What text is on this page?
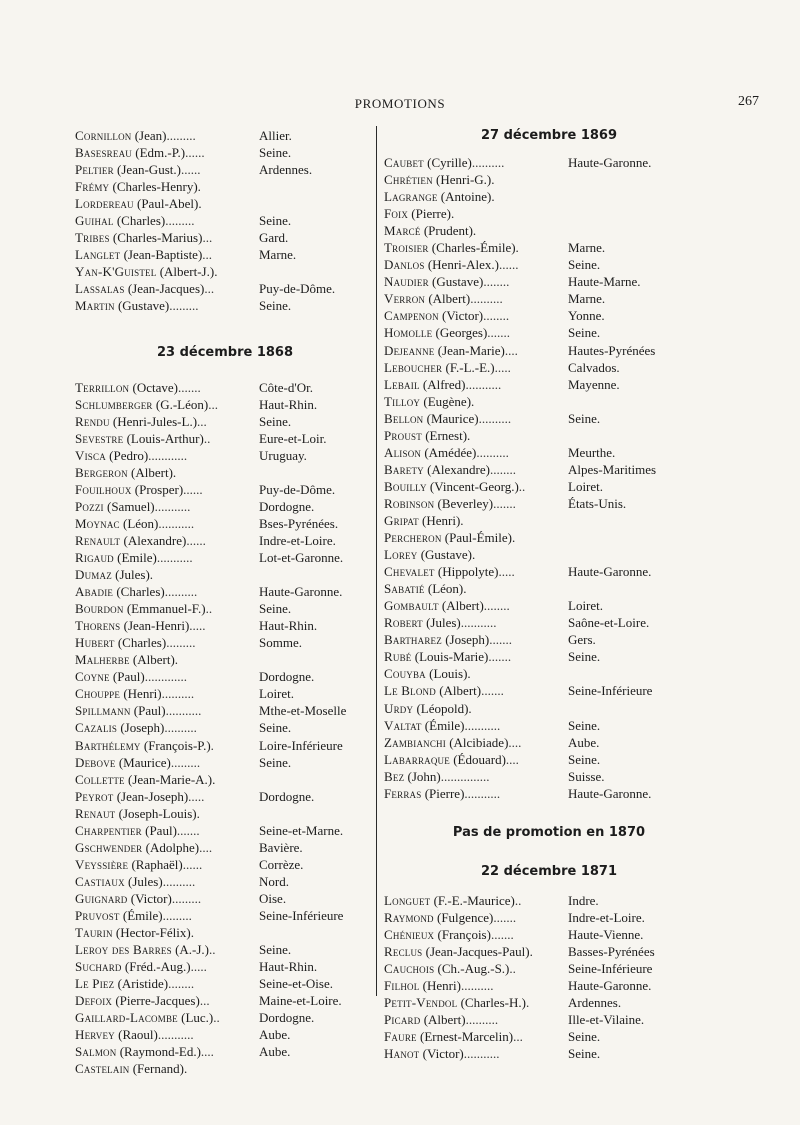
PROMOTIONS	267
Cornillon (Jean).........	Allier.
Basesreau (Edm.-P.)......	Seine.
Peltier (Jean-Gust.)......	Ardennes.
Frémy (Charles-Henry).
Lordereau (Paul-Abel).
Guihal (Charles).........	Seine.
Tribes (Charles-Marius)...	Gard.
Langlet (Jean-Baptiste)...	Marne.
Yan-K'Guistel (Albert-J.).
Lassalas (Jean-Jacques)...	Puy-de-Dôme.
Martin (Gustave).........	Seine.
23 décembre 1868
Terrillon (Octave).......	Côte-d'Or.
Schlumberger (G.-Léon)...	Haut-Rhin.
Rendu (Henri-Jules-L.)...	Seine.
Sevestre (Louis-Arthur)..	Eure-et-Loir.
Visca (Pedro)............	Uruguay.
Bergeron (Albert).
Fouilhoux (Prosper)......	Puy-de-Dôme.
Pozzi (Samuel)...........	Dordogne.
Moynac (Léon)...........	Bses-Pyrénées.
Renault (Alexandre)......	Indre-et-Loire.
Rigaud (Emile)...........	Lot-et-Garonne.
Dumaz (Jules).
Abadie (Charles)..........	Haute-Garonne.
Bourdon (Emmanuel-F.)..	Seine.
Thorens (Jean-Henri).....	Haut-Rhin.
Hubert (Charles).........	Somme.
Malherbe (Albert).
Coyne (Paul).............	Dordogne.
Chouppe (Henri)..........	Loiret.
Spillmann (Paul)...........	Mthe-et-Moselle
Cazalis (Joseph)..........	Seine.
Barthélemy (François-P.).	Loire-Inférieure
Debove (Maurice).........	Seine.
Collette (Jean-Marie-A.).
Peyrot (Jean-Joseph).....	Dordogne.
Renaut (Joseph-Louis).
Charpentier (Paul).......	Seine-et-Marne.
Gschwender (Adolphe)....	Bavière.
Veyssière (Raphaël)......	Corrèze.
Castiaux (Jules)..........	Nord.
Guignard (Victor).........	Oise.
Pruvost (Émile).........	Seine-Inférieure
Taurin (Hector-Félix).
Leroy des Barres (A.-J.)..	Seine.
Suchard (Fréd.-Aug.).....	Haut-Rhin.
Le Piez (Aristide)........	Seine-et-Oise.
Defoix (Pierre-Jacques)...	Maine-et-Loire.
Gaillard-Lacombe (Luc.)..	Dordogne.
Hervey (Raoul)...........	Aube.
Salmon (Raymond-Ed.)....	Aube.
Castelain (Fernand).
27 décembre 1869
Caubet (Cyrille)..........	Haute-Garonne.
Chrétien (Henri-G.).
Lagrange (Antoine).
Foix (Pierre).
Marcé (Prudent).
Troisier (Charles-Émile).	Marne.
Danlos (Henri-Alex.)......	Seine.
Naudier (Gustave)........	Haute-Marne.
Verron (Albert)..........	Marne.
Campenon (Victor)........	Yonne.
Homolle (Georges).......	Seine.
Dejeanne (Jean-Marie)....	Hautes-Pyrénées
Leboucher (F.-L.-E.).....	Calvados.
Lebail (Alfred)...........	Mayenne.
Tilloy (Eugène).
Bellon (Maurice)..........	Seine.
Proust (Ernest).
Alison (Amédée)..........	Meurthe.
Barety (Alexandre)........	Alpes-Maritimes
Bouilly (Vincent-Georg.)..	Loiret.
Robinson (Beverley).......	États-Unis.
Gripat (Henri).
Percheron (Paul-Émile).
Lorey (Gustave).
Chevalet (Hippolyte).....	Haute-Garonne.
Sabatié (Léon).
Gombault (Albert)........	Loiret.
Robert (Jules)...........	Saône-et-Loire.
Bartharez (Joseph).......	Gers.
Rubé (Louis-Marie).......	Seine.
Couyba (Louis).
Le Blond (Albert).......	Seine-Inférieure
Urdy (Léopold).
Valtat (Émile)...........	Seine.
Zambianchi (Alcibiade)....	Aube.
Labarraque (Édouard)....	Seine.
Bez (John)...............	Suisse.
Ferras (Pierre)...........	Haute-Garonne.
Pas de promotion en 1870
22 décembre 1871
Longuet (F.-E.-Maurice)..	Indre.
Raymond (Fulgence).......	Indre-et-Loire.
Chénieux (François).......	Haute-Vienne.
Reclus (Jean-Jacques-Paul).	Basses-Pyrénées
Cauchois (Ch.-Aug.-S.)..	Seine-Inférieure
Filhol (Henri)..........	Haute-Garonne.
Petit-Vendol (Charles-H.).	Ardennes.
Picard (Albert)..........	Ille-et-Vilaine.
Faure (Ernest-Marcelin)...	Seine.
Hanot (Victor)...........	Seine.
